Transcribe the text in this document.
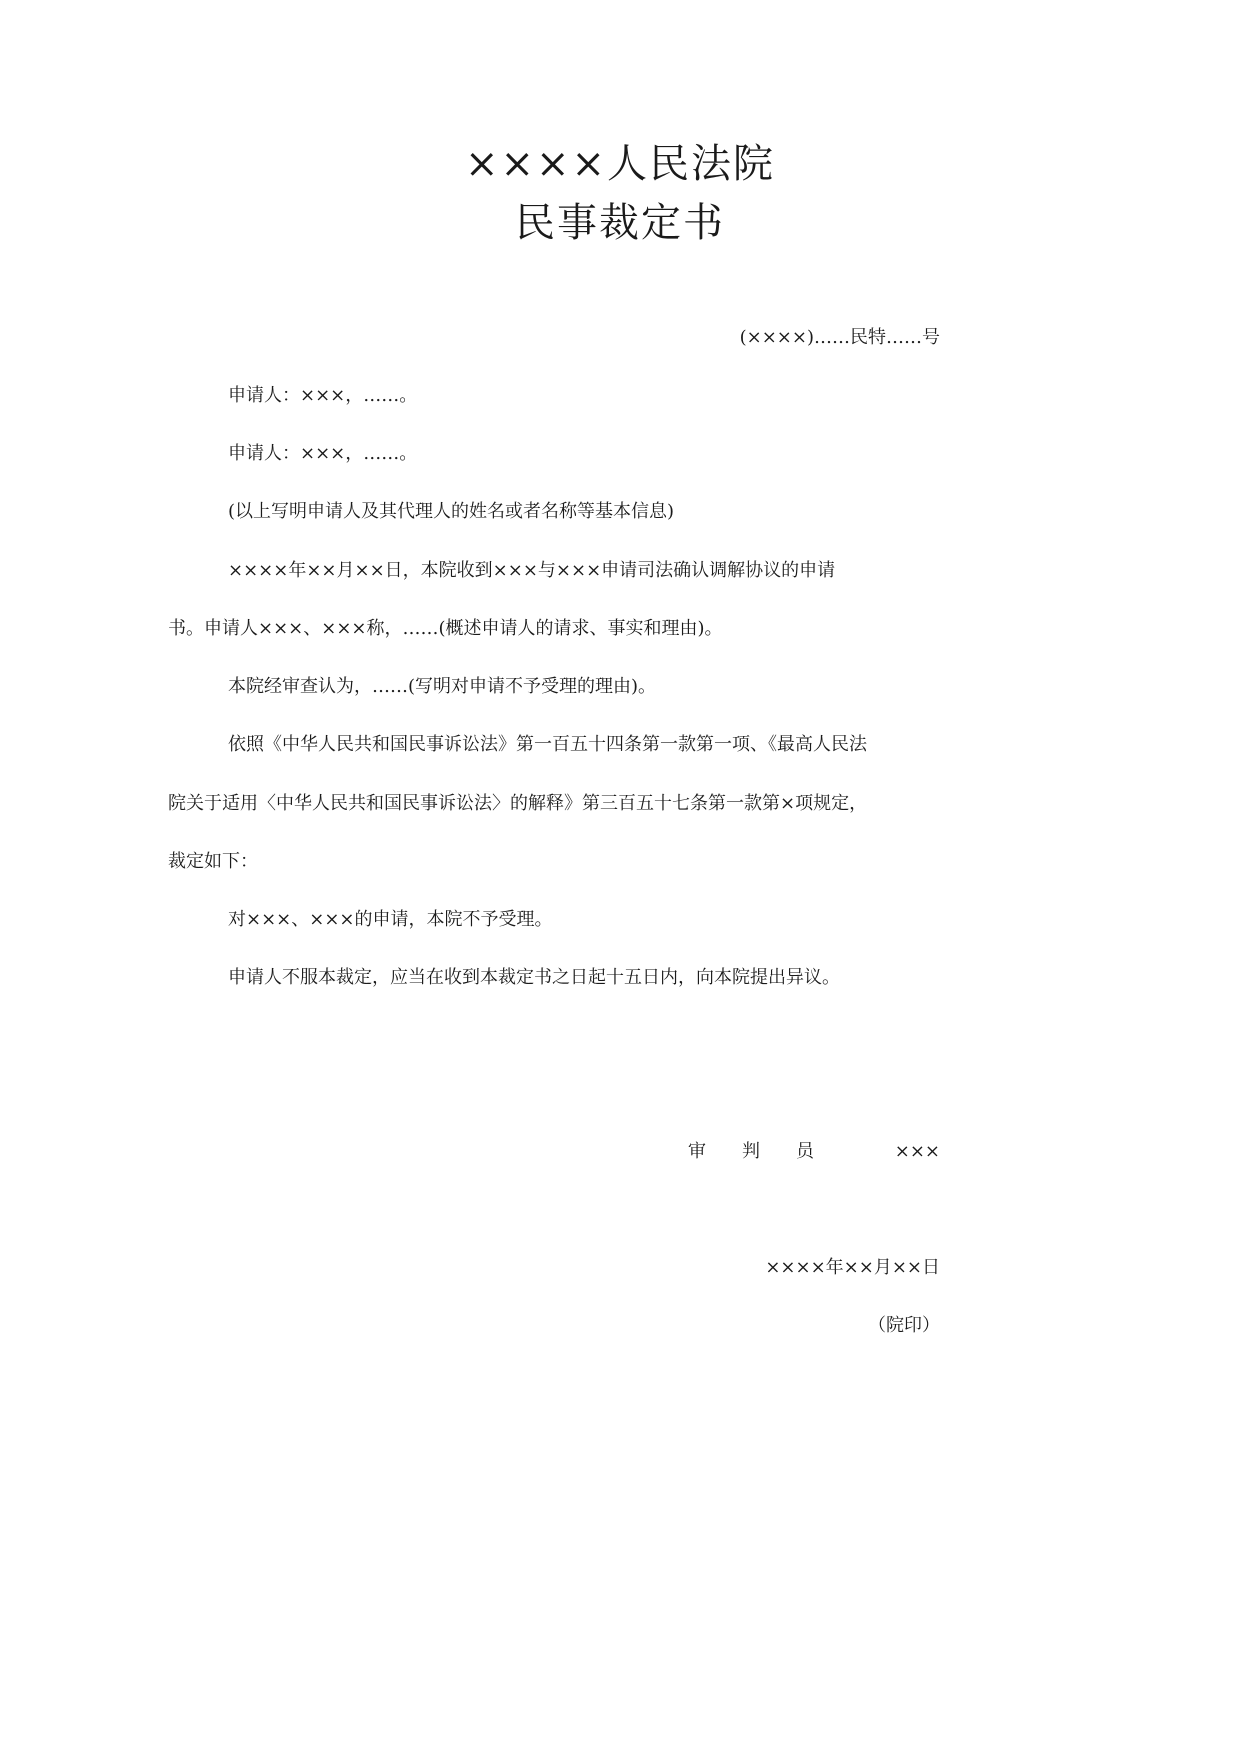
××××人民法院
民事裁定书

(××××)……民特……号

申请人：×××，……。

申请人：×××，……。

(以上写明申请人及其代理人的姓名或者名称等基本信息)

××××年××月××日，本院收到×××与×××申请司法确认调解协议的申请

书。申请人×××、×××称，……(概述申请人的请求、事实和理由)。

本院经审查认为，……(写明对申请不予受理的理由)。

依照《中华人民共和国民事诉讼法》第一百五十四条第一款第一项、《最高人民法

院关于适用〈中华人民共和国民事诉讼法〉的解释》第三百五十七条第一款第×项规定，

裁定如下：

对×××、×××的申请，本院不予受理。

申请人不服本裁定，应当在收到本裁定书之日起十五日内，向本院提出异议。

审　　判　　员	×××

××××年××月××日

（院印）
